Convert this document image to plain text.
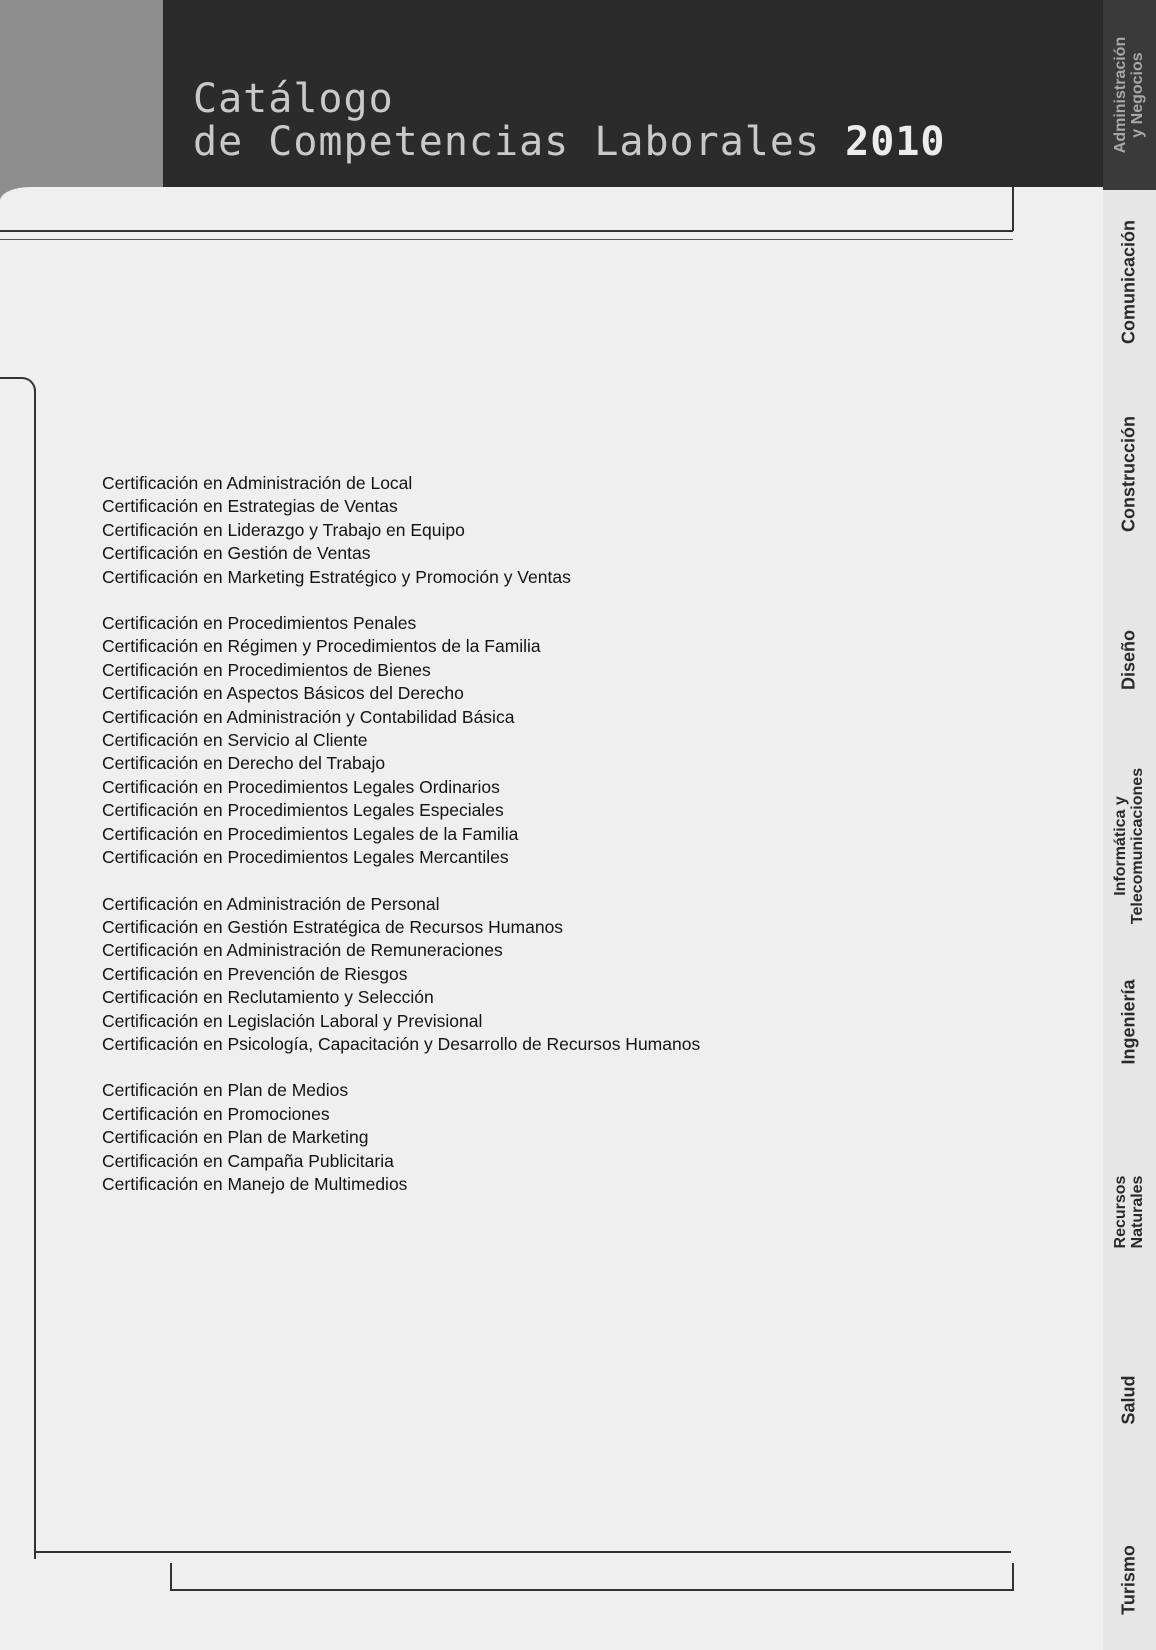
Catálogo
de Competencias Laborales 2010
Certificación en Administración de Local
Certificación en Estrategias de Ventas
Certificación en Liderazgo y Trabajo en Equipo
Certificación en Gestión de Ventas
Certificación en Marketing Estratégico y Promoción y Ventas
Certificación en Procedimientos Penales
Certificación en Régimen y Procedimientos de la Familia
Certificación en Procedimientos de Bienes
Certificación en Aspectos Básicos del Derecho
Certificación en Administración y Contabilidad Básica
Certificación en Servicio al Cliente
Certificación en Derecho del Trabajo
Certificación en Procedimientos Legales Ordinarios
Certificación en Procedimientos Legales Especiales
Certificación en Procedimientos Legales de la Familia
Certificación en Procedimientos Legales Mercantiles
Certificación en Administración de Personal
Certificación en Gestión Estratégica de Recursos Humanos
Certificación en Administración de Remuneraciones
Certificación en Prevención de Riesgos
Certificación en Reclutamiento y Selección
Certificación en Legislación Laboral y Previsional
Certificación en Psicología, Capacitación y Desarrollo de Recursos Humanos
Certificación en Plan de Medios
Certificación en Promociones
Certificación en Plan de Marketing
Certificación en Campaña Publicitaria
Certificación en Manejo de Multimedios
Administración
y Negocios
Comunicación
Construcción
Diseño
Informática y
Telecomunicaciones
Ingeniería
Recursos
Naturales
Salud
Turismo
